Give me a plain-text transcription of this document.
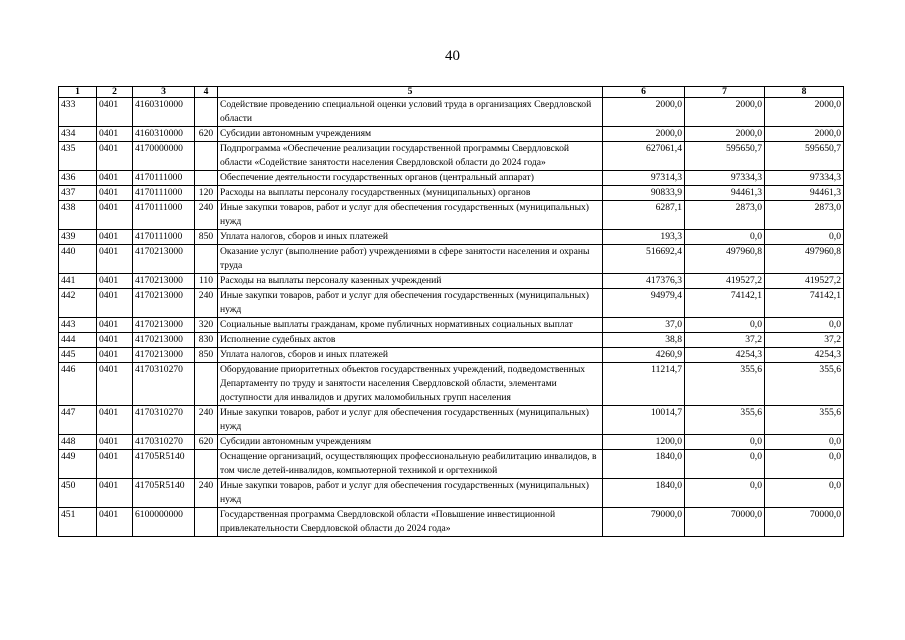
40
1	2	3	4	5	6	7	8
433	0401	4160310000		Содействие проведению специальной оценки условий труда в организациях Свердловской области	2000,0	2000,0	2000,0
434	0401	4160310000	620	Субсидии автономным учреждениям	2000,0	2000,0	2000,0
435	0401	4170000000		Подпрограмма «Обеспечение реализации государственной программы Свердловской области «Содействие занятости населения Свердловской области до 2024 года»	627061,4	595650,7	595650,7
436	0401	4170111000		Обеспечение деятельности государственных органов (центральный аппарат)	97314,3	97334,3	97334,3
437	0401	4170111000	120	Расходы на выплаты персоналу государственных (муниципальных) органов	90833,9	94461,3	94461,3
438	0401	4170111000	240	Иные закупки товаров, работ и услуг для обеспечения государственных (муниципальных) нужд	6287,1	2873,0	2873,0
439	0401	4170111000	850	Уплата налогов, сборов и иных платежей	193,3	0,0	0,0
440	0401	4170213000		Оказание услуг (выполнение работ) учреждениями в сфере занятости населения и охраны труда	516692,4	497960,8	497960,8
441	0401	4170213000	110	Расходы на выплаты персоналу казенных учреждений	417376,3	419527,2	419527,2
442	0401	4170213000	240	Иные закупки товаров, работ и услуг для обеспечения государственных (муниципальных) нужд	94979,4	74142,1	74142,1
443	0401	4170213000	320	Социальные выплаты гражданам, кроме публичных нормативных социальных выплат	37,0	0,0	0,0
444	0401	4170213000	830	Исполнение судебных актов	38,8	37,2	37,2
445	0401	4170213000	850	Уплата налогов, сборов и иных платежей	4260,9	4254,3	4254,3
446	0401	4170310270		Оборудование приоритетных объектов государственных учреждений, подведомственных Департаменту по труду и занятости населения Свердловской области, элементами доступности для инвалидов и других маломобильных групп населения	11214,7	355,6	355,6
447	0401	4170310270	240	Иные закупки товаров, работ и услуг для обеспечения государственных (муниципальных) нужд	10014,7	355,6	355,6
448	0401	4170310270	620	Субсидии автономным учреждениям	1200,0	0,0	0,0
449	0401	41705R5140		Оснащение организаций, осуществляющих профессиональную реабилитацию инвалидов, в том числе детей-инвалидов, компьютерной техникой и оргтехникой	1840,0	0,0	0,0
450	0401	41705R5140	240	Иные закупки товаров, работ и услуг для обеспечения государственных (муниципальных) нужд	1840,0	0,0	0,0
451	0401	6100000000		Государственная программа Свердловской области «Повышение инвестиционной привлекательности Свердловской области до 2024 года»	79000,0	70000,0	70000,0
